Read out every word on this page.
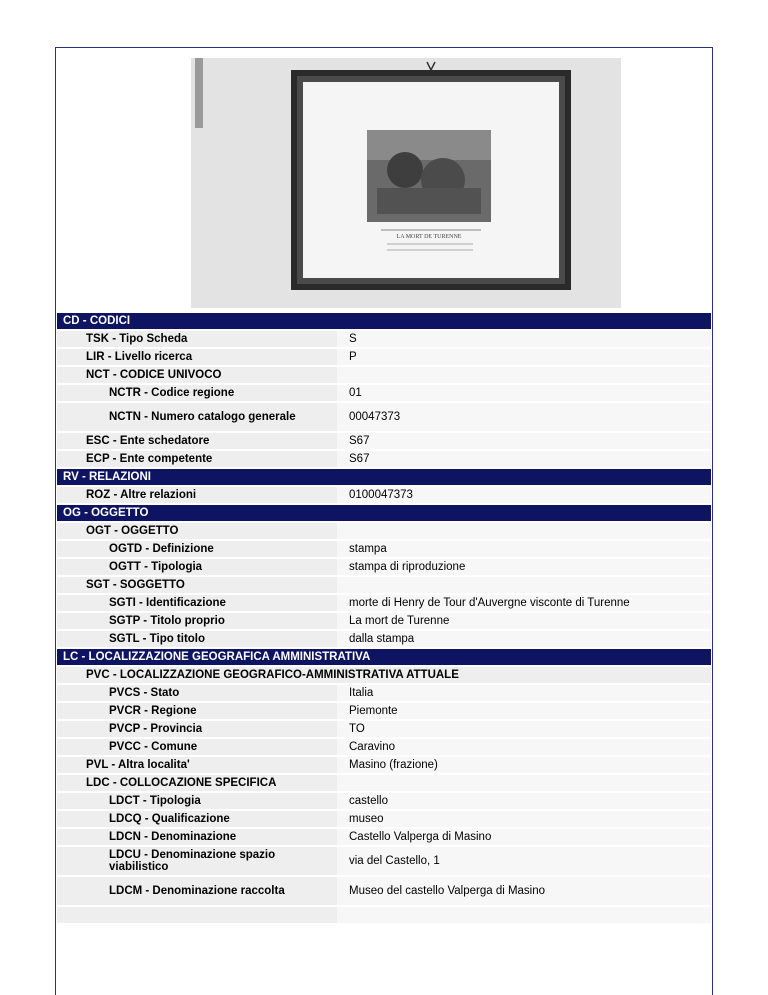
LA MORT DE TURENNE
CD - CODICI	
TSK - Tipo Scheda	S
LIR - Livello ricerca	P
NCT - CODICE UNIVOCO	
NCTR - Codice regione	01
NCTN - Numero catalogo generale	00047373
ESC - Ente schedatore	S67
ECP - Ente competente	S67
RV - RELAZIONI	
ROZ - Altre relazioni	0100047373
OG - OGGETTO	
OGT - OGGETTO	
OGTD - Definizione	stampa
OGTT - Tipologia	stampa di riproduzione
SGT - SOGGETTO	
SGTI - Identificazione	morte di Henry de Tour d'Auvergne visconte di Turenne
SGTP - Titolo proprio	La mort de Turenne
SGTL - Tipo titolo	dalla stampa
LC - LOCALIZZAZIONE GEOGRAFICA AMMINISTRATIVA	
PVC - LOCALIZZAZIONE GEOGRAFICO-AMMINISTRATIVA ATTUALE	
PVCS - Stato	Italia
PVCR - Regione	Piemonte
PVCP - Provincia	TO
PVCC - Comune	Caravino
PVL - Altra localita'	Masino (frazione)
LDC - COLLOCAZIONE SPECIFICA	
LDCT - Tipologia	castello
LDCQ - Qualificazione	museo
LDCN - Denominazione	Castello Valperga di Masino
LDCU - Denominazione spazio viabilistico	via del Castello, 1
LDCM - Denominazione raccolta	Museo del castello Valperga di Masino
